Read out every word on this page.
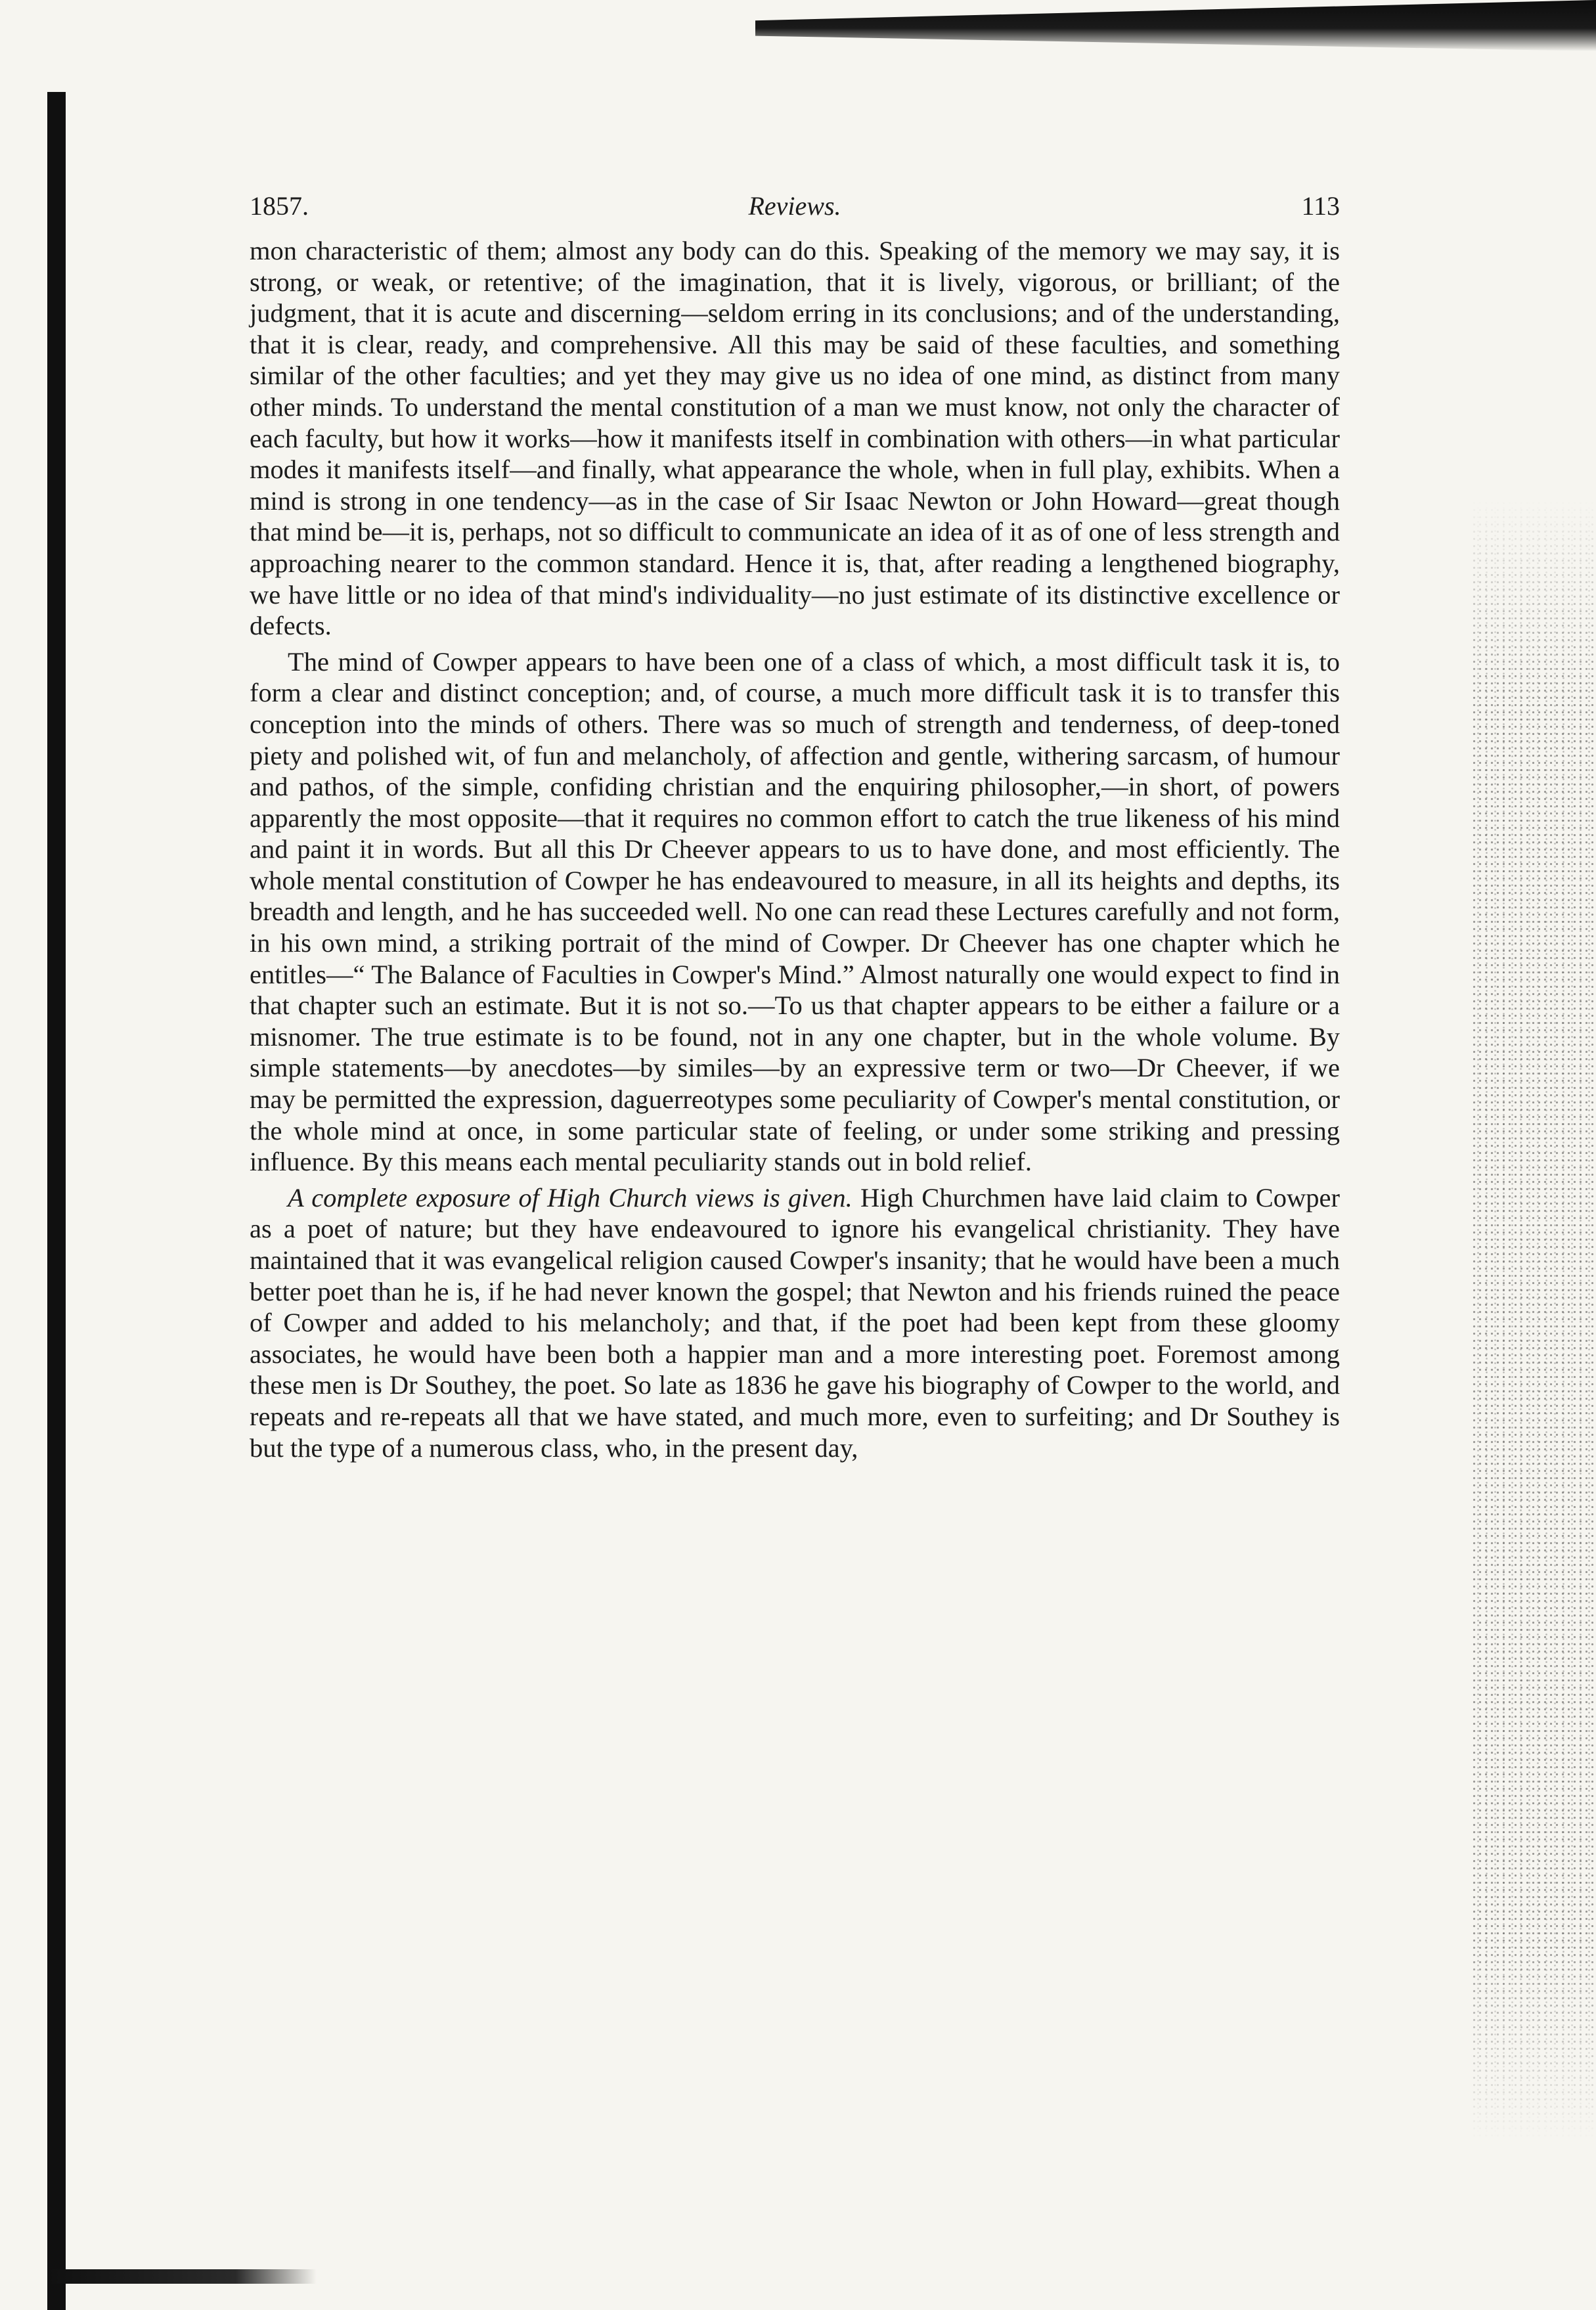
1857.	Reviews.	113

mon characteristic of them; almost any body can do this. Speaking of the memory we may say, it is strong, or weak, or retentive; of the imagination, that it is lively, vigorous, or brilliant; of the judgment, that it is acute and discerning—seldom erring in its conclusions; and of the understanding, that it is clear, ready, and comprehensive. All this may be said of these faculties, and something similar of the other faculties; and yet they may give us no idea of one mind, as distinct from many other minds. To understand the mental constitution of a man we must know, not only the character of each faculty, but how it works—how it manifests itself in combination with others—in what particular modes it manifests itself—and finally, what appearance the whole, when in full play, exhibits. When a mind is strong in one tendency—as in the case of Sir Isaac Newton or John Howard—great though that mind be—it is, perhaps, not so difficult to communicate an idea of it as of one of less strength and approaching nearer to the common standard. Hence it is, that, after reading a lengthened biography, we have little or no idea of that mind's individuality—no just estimate of its distinctive excellence or defects.

The mind of Cowper appears to have been one of a class of which, a most difficult task it is, to form a clear and distinct conception; and, of course, a much more difficult task it is to transfer this conception into the minds of others. There was so much of strength and tenderness, of deep-toned piety and polished wit, of fun and melancholy, of affection and gentle, withering sarcasm, of humour and pathos, of the simple, confiding christian and the enquiring philosopher,—in short, of powers apparently the most opposite—that it requires no common effort to catch the true likeness of his mind and paint it in words. But all this Dr Cheever appears to us to have done, and most efficiently. The whole mental constitution of Cowper he has endeavoured to measure, in all its heights and depths, its breadth and length, and he has succeeded well. No one can read these Lectures carefully and not form, in his own mind, a striking portrait of the mind of Cowper. Dr Cheever has one chapter which he entitles—“ The Balance of Faculties in Cowper's Mind.” Almost naturally one would expect to find in that chapter such an estimate. But it is not so.—To us that chapter appears to be either a failure or a misnomer. The true estimate is to be found, not in any one chapter, but in the whole volume. By simple statements—by anecdotes—by similes—by an expressive term or two—Dr Cheever, if we may be permitted the expression, daguerreotypes some peculiarity of Cowper's mental constitution, or the whole mind at once, in some particular state of feeling, or under some striking and pressing influence. By this means each mental peculiarity stands out in bold relief.

A complete exposure of High Church views is given. High Churchmen have laid claim to Cowper as a poet of nature; but they have endeavoured to ignore his evangelical christianity. They have maintained that it was evangelical religion caused Cowper's insanity; that he would have been a much better poet than he is, if he had never known the gospel; that Newton and his friends ruined the peace of Cowper and added to his melancholy; and that, if the poet had been kept from these gloomy associates, he would have been both a happier man and a more interesting poet. Foremost among these men is Dr Southey, the poet. So late as 1836 he gave his biography of Cowper to the world, and repeats and re-repeats all that we have stated, and much more, even to surfeiting; and Dr Southey is but the type of a numerous class, who, in the present day,
